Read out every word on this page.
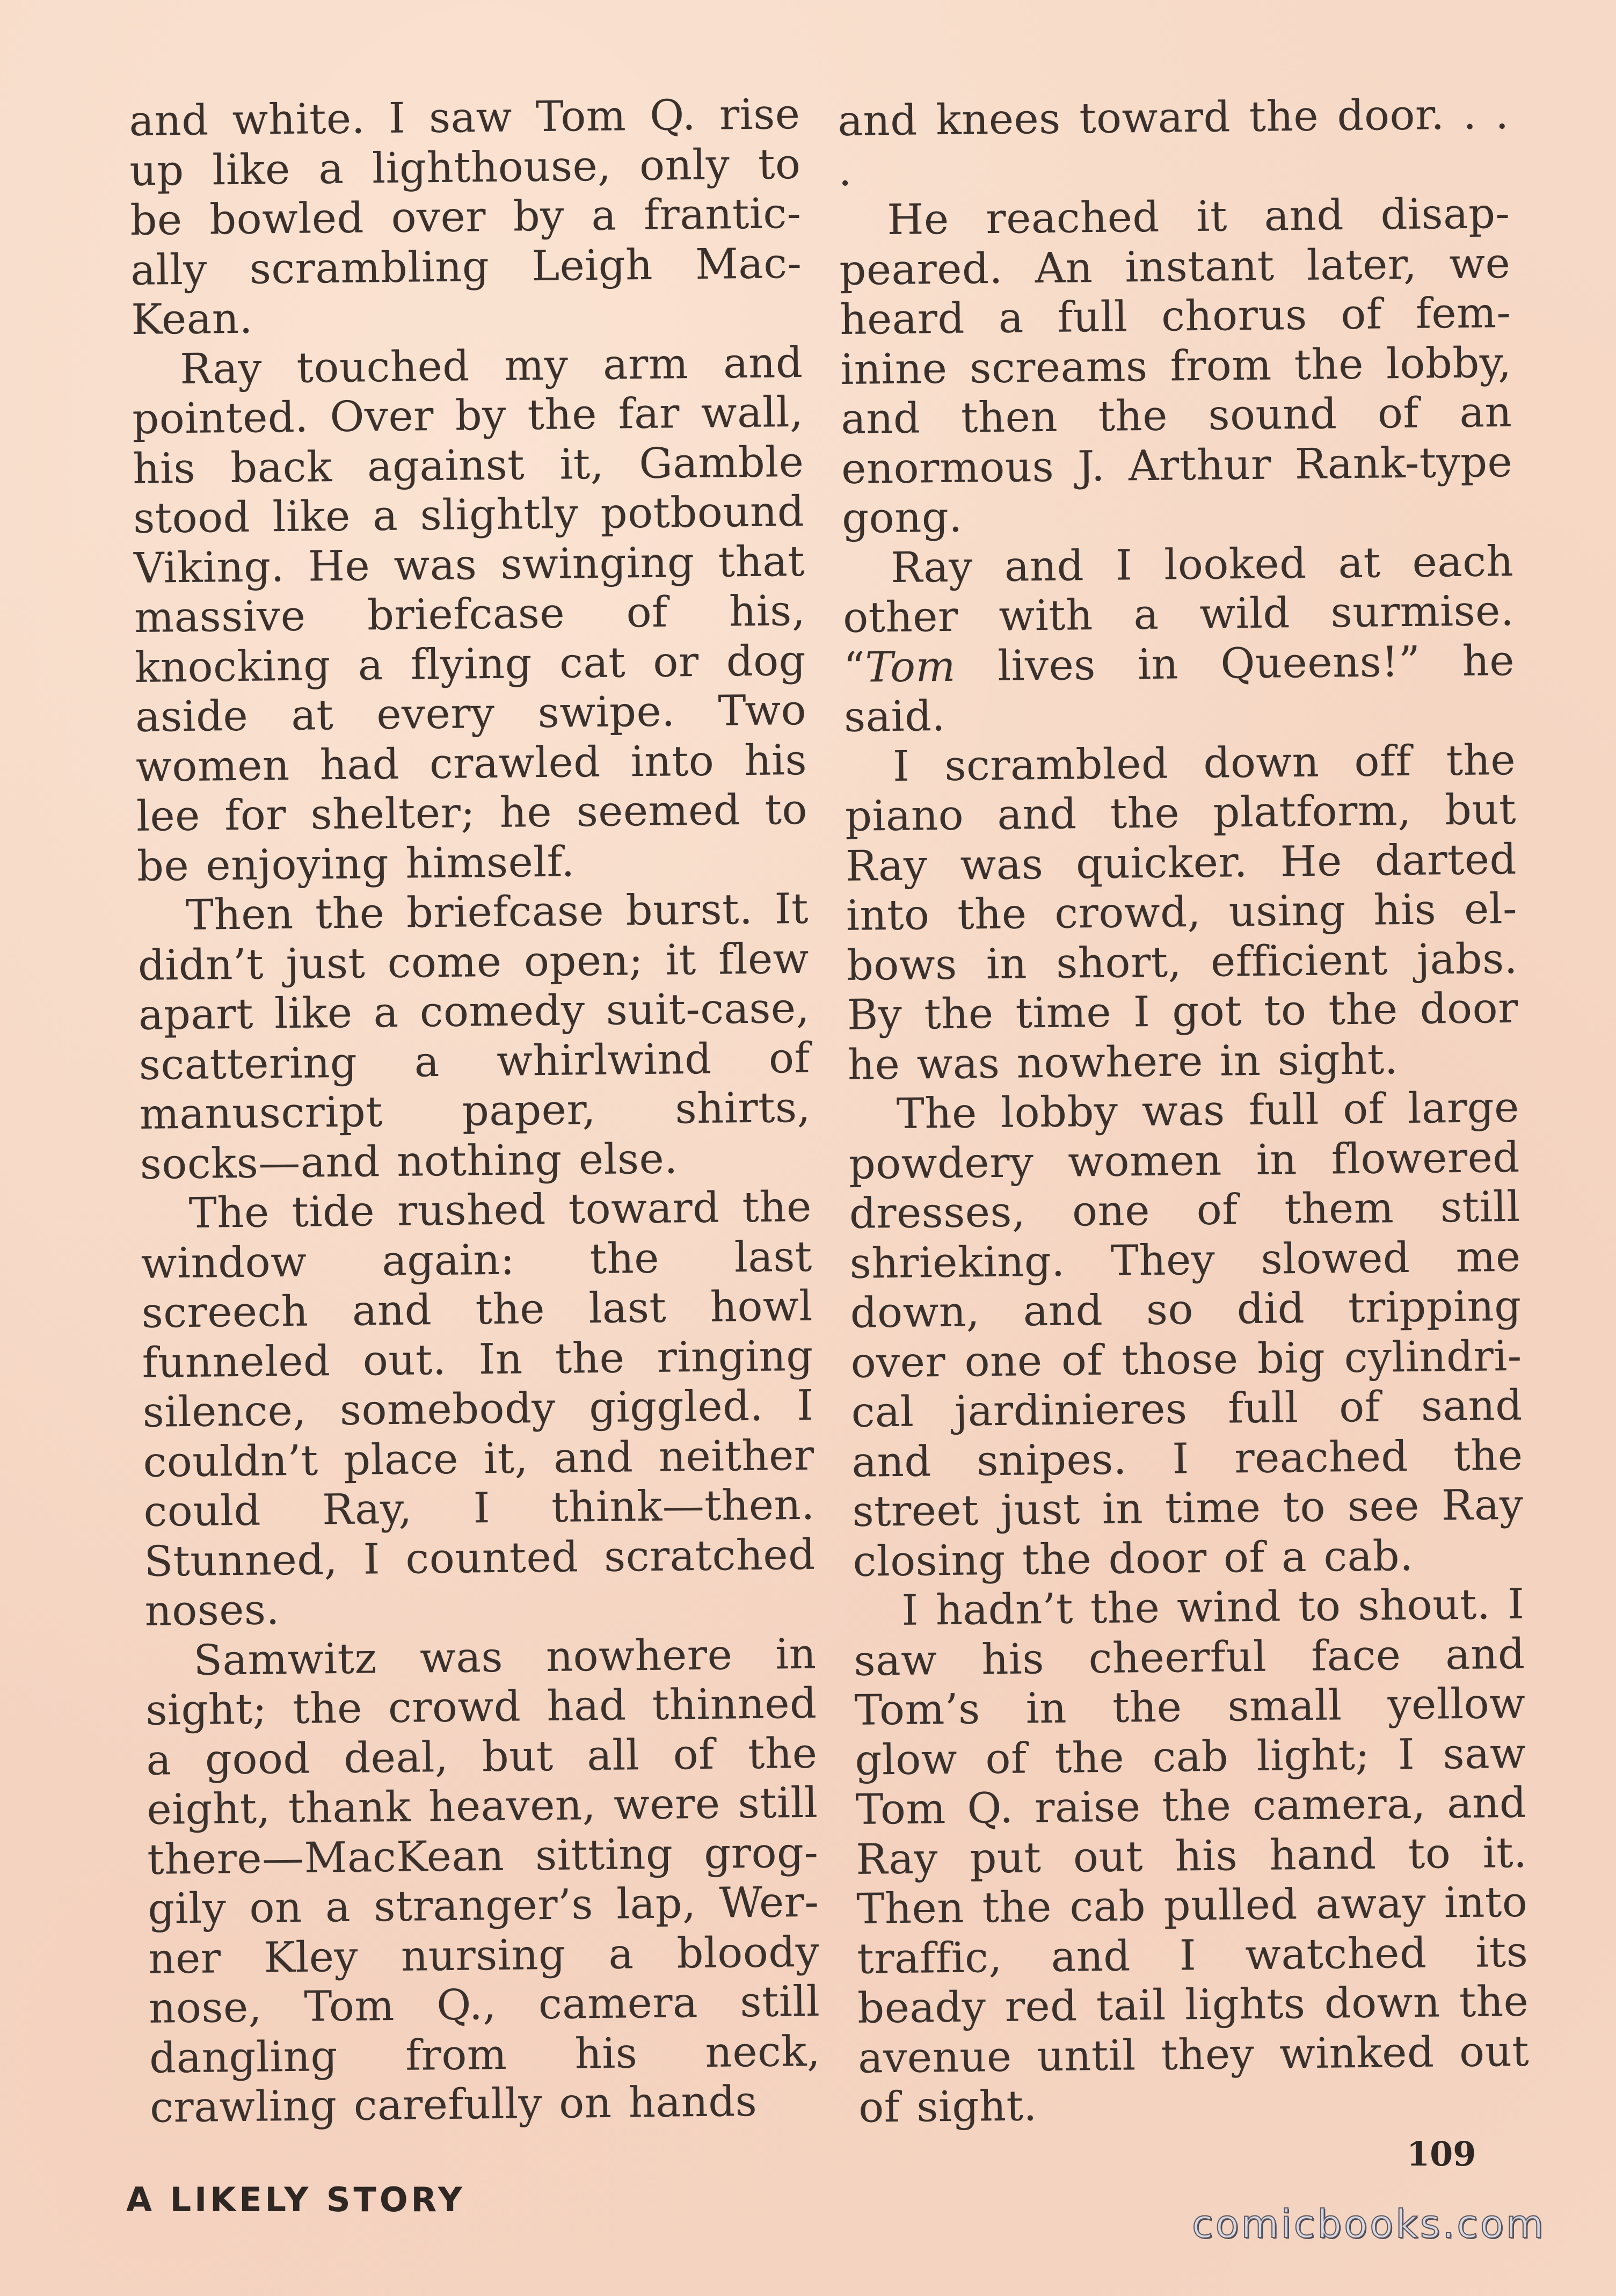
and white. I saw Tom Q. rise up like a lighthouse, only to be bowled over by a frantic-ally scrambling Leigh Mac-Kean.

Ray touched my arm and pointed. Over by the far wall, his back against it, Gamble stood like a slightly potbound Viking. He was swinging that massive briefcase of his, knocking a flying cat or dog aside at every swipe. Two women had crawled into his lee for shelter; he seemed to be enjoying himself.

Then the briefcase burst. It didn’t just come open; it flew apart like a comedy suit-case, scattering a whirlwind of manuscript paper, shirts, socks—and nothing else.

The tide rushed toward the window again: the last screech and the last howl funneled out. In the ringing silence, somebody giggled. I couldn’t place it, and neither could Ray, I think—then. Stunned, I counted scratched noses.

Samwitz was nowhere in sight; the crowd had thinned a good deal, but all of the eight, thank heaven, were still there—MacKean sitting grog-gily on a stranger’s lap, Wer-ner Kley nursing a bloody nose, Tom Q., camera still dangling from his neck, crawling carefully on hands

and knees toward the door. . . .

He reached it and disap-peared. An instant later, we heard a full chorus of fem-inine screams from the lobby, and then the sound of an enormous J. Arthur Rank-type gong.

Ray and I looked at each other with a wild surmise. “Tom lives in Queens!” he said.

I scrambled down off the piano and the platform, but Ray was quicker. He darted into the crowd, using his el-bows in short, efficient jabs. By the time I got to the door he was nowhere in sight.

The lobby was full of large powdery women in flowered dresses, one of them still shrieking. They slowed me down, and so did tripping over one of those big cylindri-cal jardinieres full of sand and snipes. I reached the street just in time to see Ray closing the door of a cab.

I hadn’t the wind to shout. I saw his cheerful face and Tom’s in the small yellow glow of the cab light; I saw Tom Q. raise the camera, and Ray put out his hand to it. Then the cab pulled away into traffic, and I watched its beady red tail lights down the avenue until they winked out of sight.

A LIKELY STORY
109
comicbooks.com
